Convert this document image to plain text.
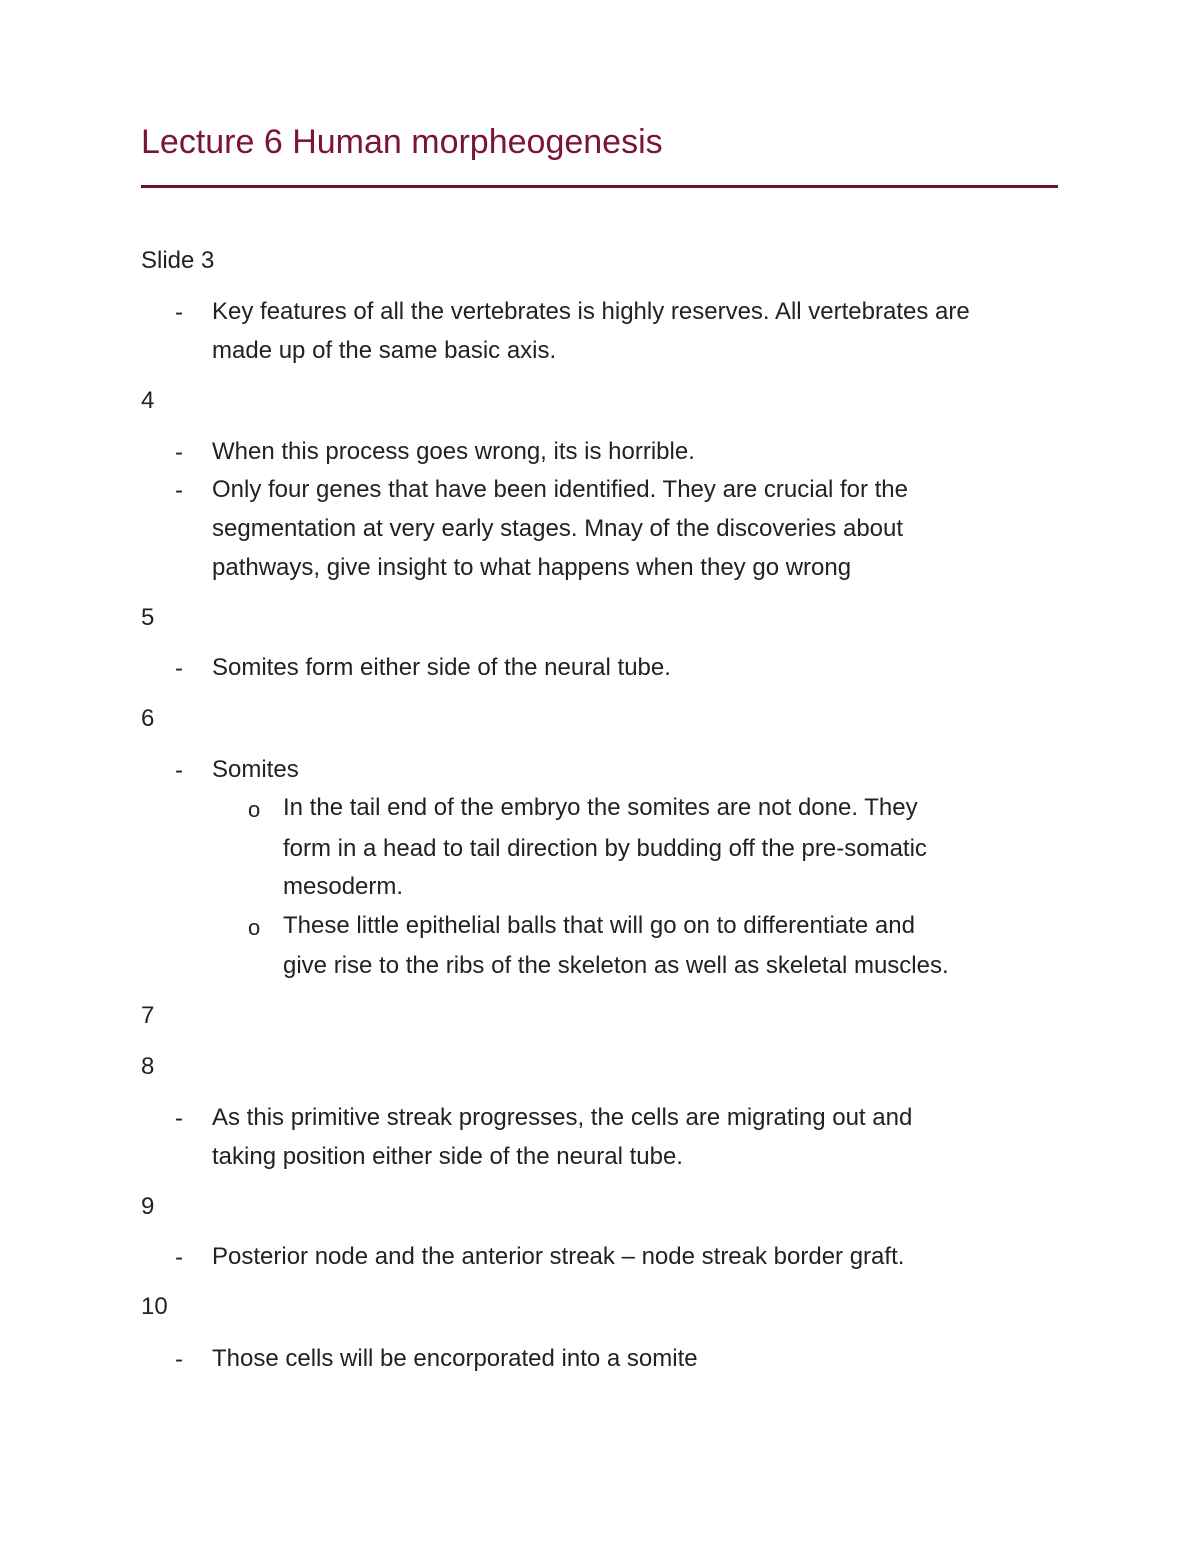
Lecture 6 Human morpheogenesis
Slide 3
- Key features of all the vertebrates is highly reserves. All vertebrates are
made up of the same basic axis.
4
- When this process goes wrong, its is horrible.
- Only four genes that have been identified. They are crucial for the
segmentation at very early stages. Mnay of the discoveries about
pathways, give insight to what happens when they go wrong
5
- Somites form either side of the neural tube.
6
- Somites
o In the tail end of the embryo the somites are not done. They
form in a head to tail direction by budding off the pre-somatic
mesoderm.
o These little epithelial balls that will go on to differentiate and
give rise to the ribs of the skeleton as well as skeletal muscles.
7
8
- As this primitive streak progresses, the cells are migrating out and
taking position either side of the neural tube.
9
- Posterior node and the anterior streak – node streak border graft.
10
- Those cells will be encorporated into a somite
